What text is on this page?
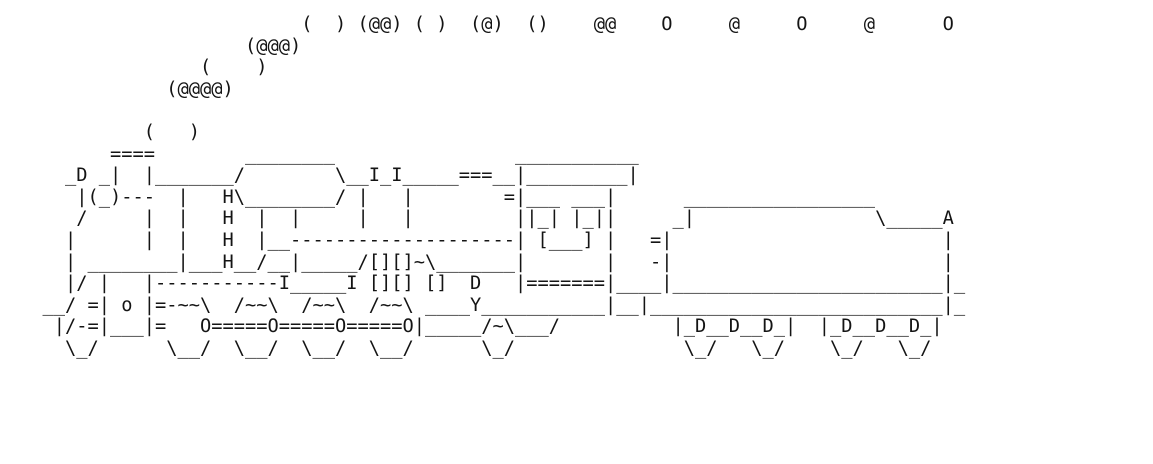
(  ) (@@) ( )  (@)  ()    @@    O     @     O     @      O
(@@@)
(    )
(@@@@)
(   )
====        ________                ___________
_D _|  |_______/        \__I_I_____===__|_________|
|(_)---  |   H\________/ |   |        =|___ ___|      _________________
/     |  |   H  |  |     |   |         ||_| |_||     _|                \_____A
|      |  |   H  |__--------------------| [___] |   =|                        |
| ________|___H__/__|_____/[][]~\_______|       |   -|                        |
|/ |   |-----------I_____I [][] []  D   |=======|____|________________________|_
__/ =| o |=-~~\  /~~\  /~~\  /~~\ ____Y___________|__|__________________________|_
|/-=|___|=   O=====O=====O=====O|_____/~\___/          |_D__D__D_|  |_D__D__D_|
\_/      \__/  \__/  \__/  \__/      \_/               \_/   \_/    \_/   \_/
